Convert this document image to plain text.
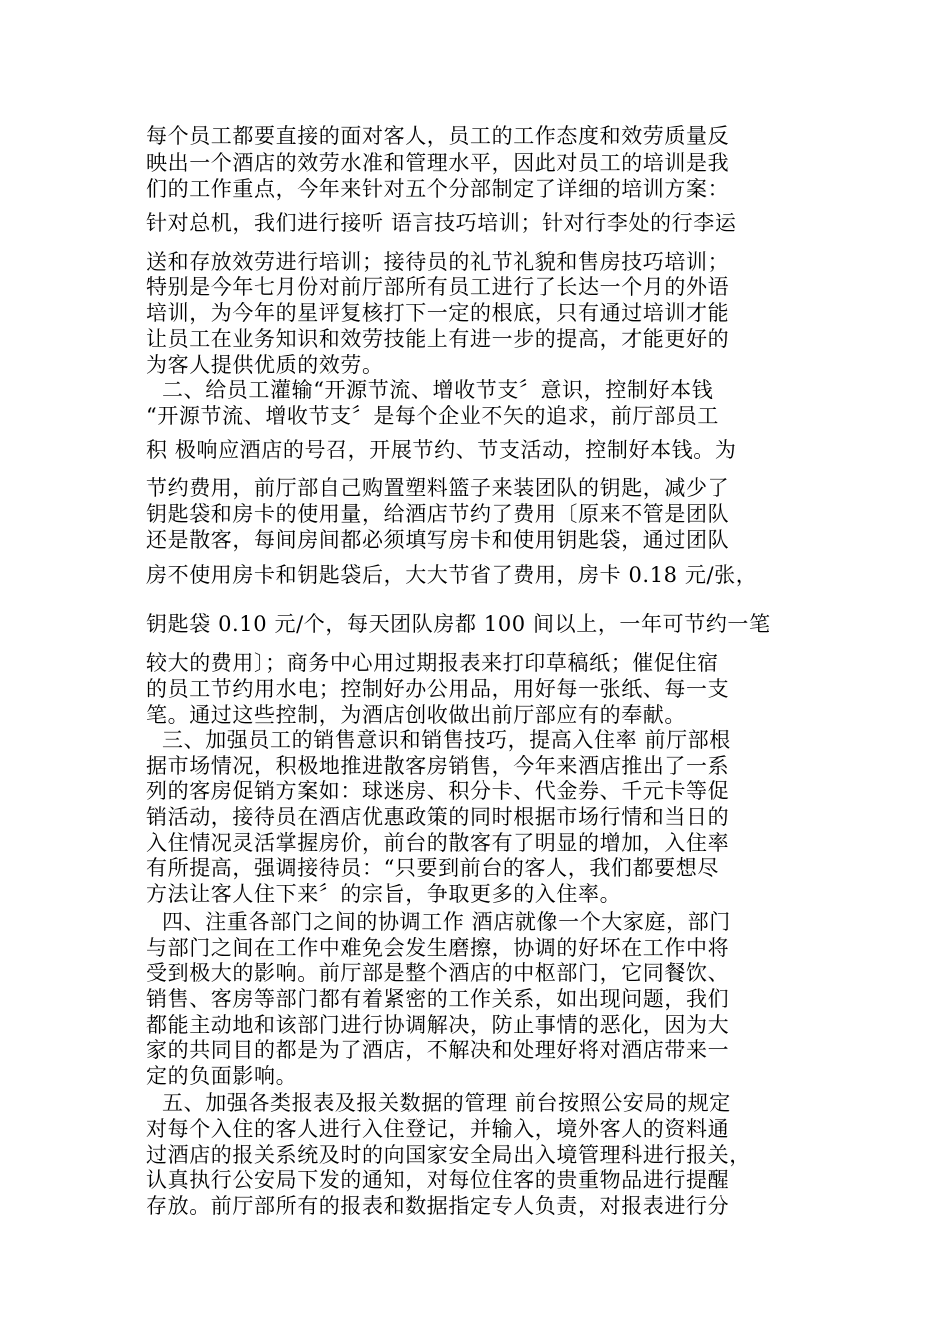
每个员工都要直接的面对客人，员工的工作态度和效劳质量反
映出一个酒店的效劳水准和管理水平，因此对员工的培训是我
们的工作重点，今年来针对五个分部制定了详细的培训方案：
针对总机，我们进行接听 语言技巧培训；针对行李处的行李运
送和存放效劳进行培训；接待员的礼节礼貌和售房技巧培训；
特别是今年七月份对前厅部所有员工进行了长达一个月的外语
培训，为今年的星评复核打下一定的根底，只有通过培训才能
让员工在业务知识和效劳技能上有进一步的提高，才能更好的
为客人提供优质的效劳。
二、给员工灌输“开源节流、增收节支〞意识，控制好本钱
“开源节流、增收节支〞是每个企业不矢的追求，前厅部员工
积 极响应酒店的号召，开展节约、节支活动，控制好本钱。为
节约费用，前厅部自己购置塑料篮子来装团队的钥匙，减少了
钥匙袋和房卡的使用量，给酒店节约了费用〔原来不管是团队
还是散客，每间房间都必须填写房卡和使用钥匙袋，通过团队
房不使用房卡和钥匙袋后，大大节省了费用，房卡 0.18 元/张，
钥匙袋 0.10 元/个，每天团队房都 100 间以上，一年可节约一笔
较大的费用〕；商务中心用过期报表来打印草稿纸；催促住宿
的员工节约用水电；控制好办公用品，用好每一张纸、每一支
笔。通过这些控制，为酒店创收做出前厅部应有的奉献。
三、加强员工的销售意识和销售技巧，提高入住率 前厅部根
据市场情况，积极地推进散客房销售，今年来酒店推出了一系
列的客房促销方案如：球迷房、积分卡、代金券、千元卡等促
销活动，接待员在酒店优惠政策的同时根据市场行情和当日的
入住情况灵活掌握房价，前台的散客有了明显的增加，入住率
有所提高，强调接待员：“只要到前台的客人，我们都要想尽
方法让客人住下来〞的宗旨，争取更多的入住率。
四、注重各部门之间的协调工作 酒店就像一个大家庭，部门
与部门之间在工作中难免会发生磨擦，协调的好坏在工作中将
受到极大的影响。前厅部是整个酒店的中枢部门，它同餐饮、
销售、客房等部门都有着紧密的工作关系，如出现问题，我们
都能主动地和该部门进行协调解决，防止事情的恶化，因为大
家的共同目的都是为了酒店，不解决和处理好将对酒店带来一
定的负面影响。
五、加强各类报表及报关数据的管理 前台按照公安局的规定
对每个入住的客人进行入住登记，并输入，境外客人的资料通
过酒店的报关系统及时的向国家安全局出入境管理科进行报关，
认真执行公安局下发的通知，对每位住客的贵重物品进行提醒
存放。前厅部所有的报表和数据指定专人负责，对报表进行分
